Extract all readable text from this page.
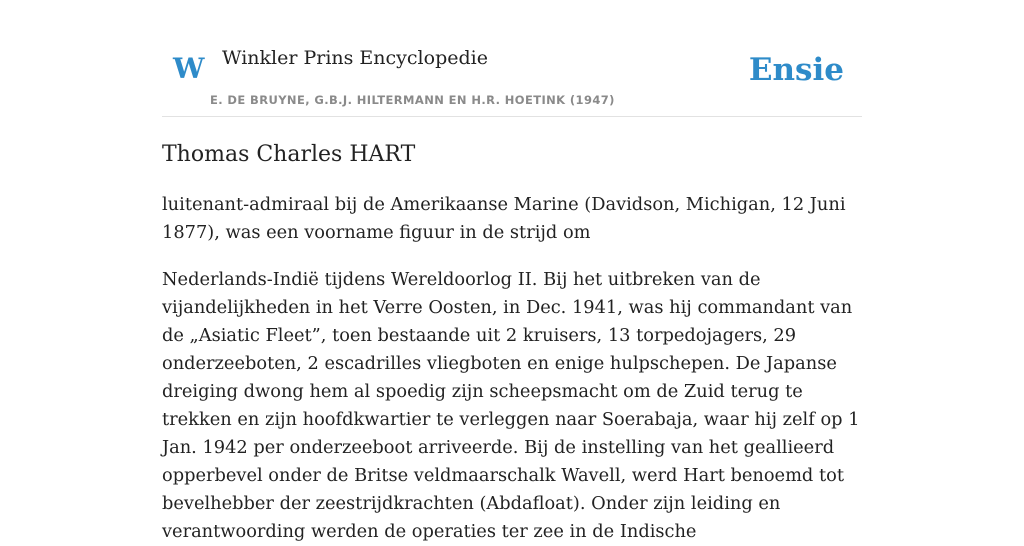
W Winkler Prins Encyclopedie
E. DE BRUYNE, G.B.J. HILTERMANN EN H.R. HOETINK (1947)
Ensie
Thomas Charles HART

luitenant-admiraal bij de Amerikaanse Marine (Davidson, Michigan, 12 Juni 1877), was een voorname figuur in de strijd om

Nederlands-Indië tijdens Wereldoorlog II. Bij het uitbreken van de vijandelijkheden in het Verre Oosten, in Dec. 1941, was hij commandant van de „Asiatic Fleet”, toen bestaande uit 2 kruisers, 13 torpedojagers, 29 onderzeeboten, 2 escadrilles vliegboten en enige hulpschepen. De Japanse dreiging dwong hem al spoedig zijn scheepsmacht om de Zuid terug te trekken en zijn hoofdkwartier te verleggen naar Soerabaja, waar hij zelf op 1 Jan. 1942 per onderzeeboot arriveerde. Bij de instelling van het geallieerd opperbevel onder de Britse veldmaarschalk Wavell, werd Hart benoemd tot bevelhebber der zeestrijdkrachten (Abdafloat). Onder zijn leiding en verantwoording werden de operaties ter zee in de Indische
